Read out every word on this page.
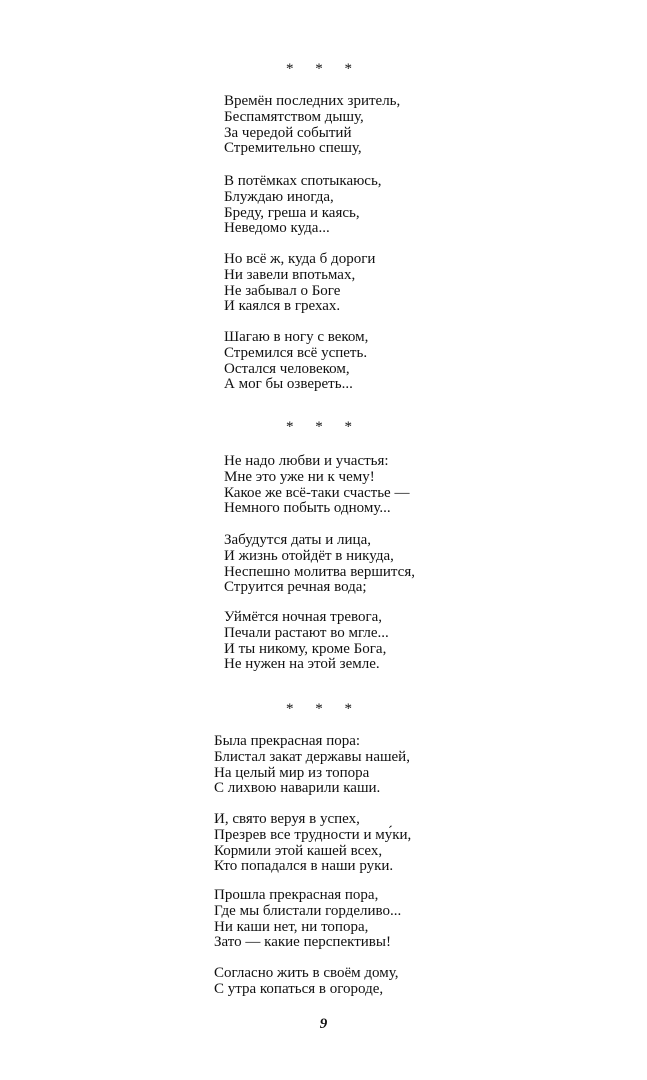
* * *
Времён последних зритель,
Беспамятством дышу,
За чередой событий
Стремительно спешу,
В потёмках спотыкаюсь,
Блуждаю иногда,
Бреду, греша и каясь,
Неведомо куда...
Но всё ж, куда б дороги
Ни завели впотьмах,
Не забывал о Боге
И каялся в грехах.
Шагаю в ногу с веком,
Стремился всё успеть.
Остался человеком,
А мог бы озвереть...
* * *
Не надо любви и участья:
Мне это уже ни к чему!
Какое же всё-таки счастье —
Немного побыть одному...
Забудутся даты и лица,
И жизнь отойдёт в никуда,
Неспешно молитва вершится,
Струится речная вода;
Уймётся ночная тревога,
Печали растают во мгле...
И ты никому, кроме Бога,
Не нужен на этой земле.
* * *
Была прекрасная пора:
Блистал закат державы нашей,
На целый мир из топора
С лихвою наварили каши.
И, свято веруя в успех,
Презрев все трудности и му́ки,
Кормили этой кашей всех,
Кто попадался в наши руки.
Прошла прекрасная пора,
Где мы блистали горделиво...
Ни каши нет, ни топора,
Зато — какие перспективы!
Согласно жить в своём дому,
С утра копаться в огороде,
9
